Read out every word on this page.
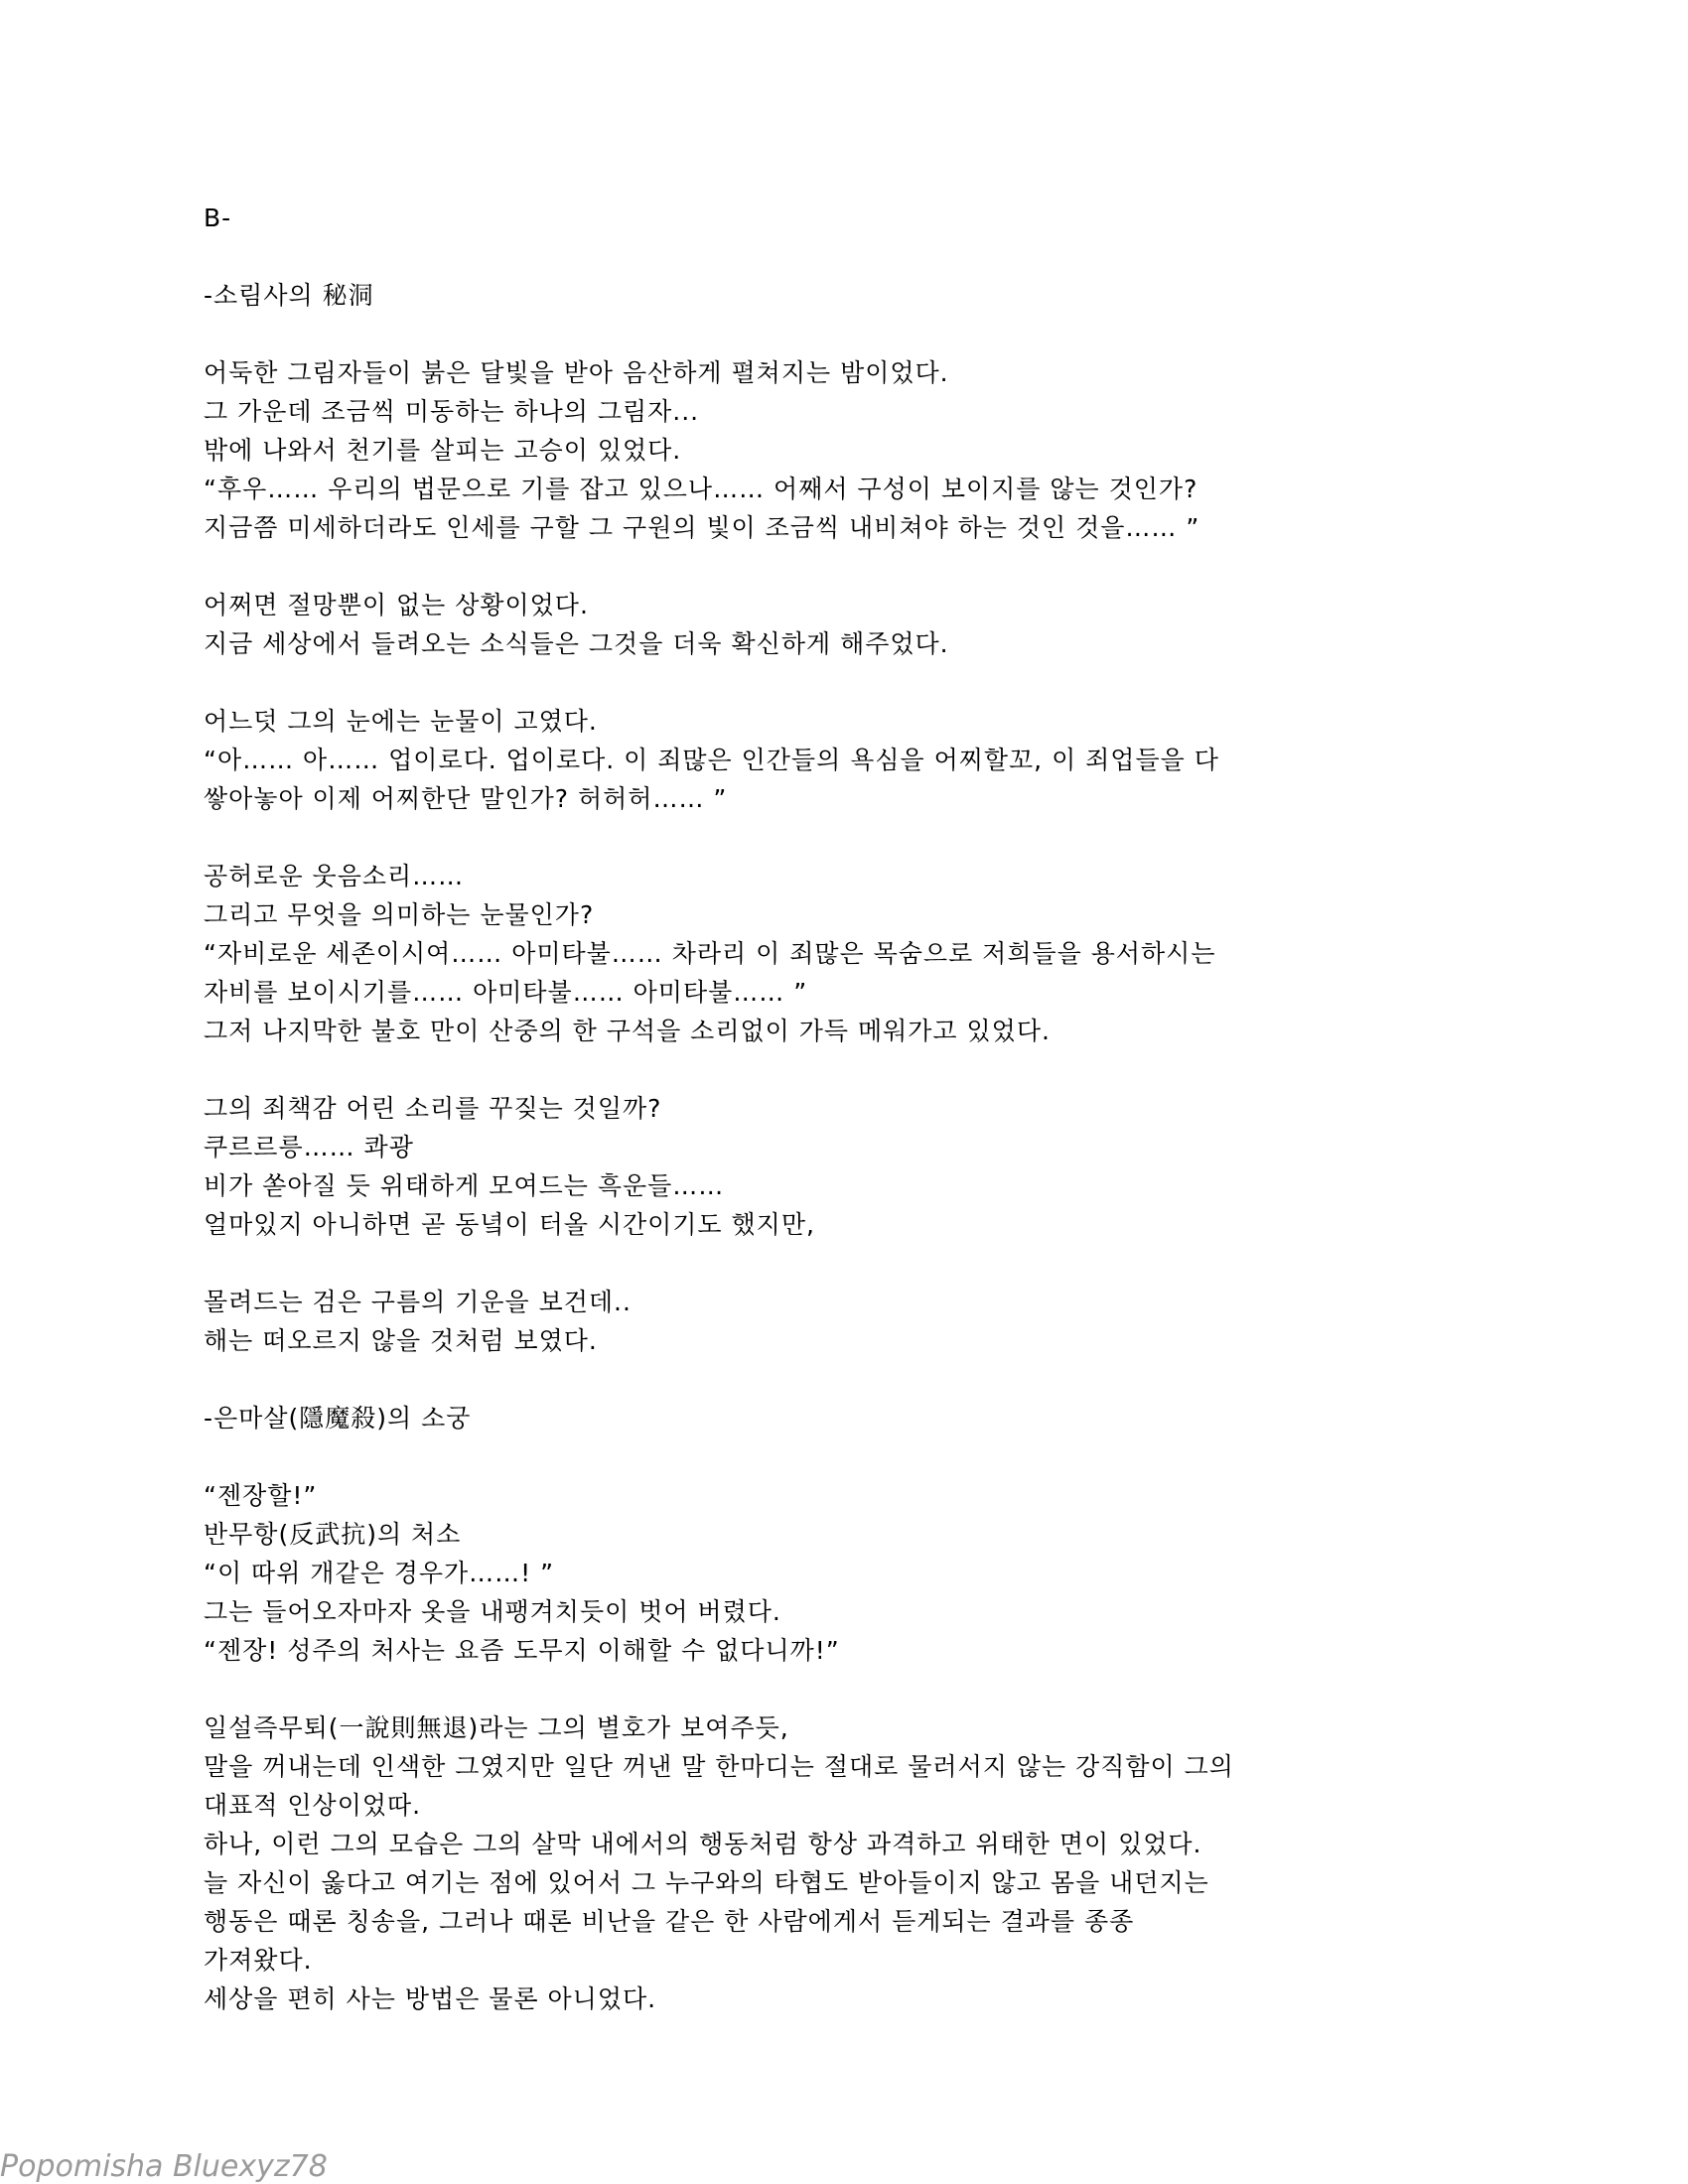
B-
-소림사의 秘洞
어둑한 그림자들이 붉은 달빛을 받아 음산하게 펼쳐지는 밤이었다.
그 가운데 조금씩 미동하는 하나의 그림자...
밖에 나와서 천기를 살피는 고승이 있었다.
“후우…… 우리의 법문으로 기를 잡고 있으나…… 어째서 구성이 보이지를 않는 것인가?
지금쯤 미세하더라도 인세를 구할 그 구원의 빛이 조금씩 내비쳐야 하는 것인 것을…… ”
어쩌면 절망뿐이 없는 상황이었다.
지금 세상에서 들려오는 소식들은 그것을 더욱 확신하게 해주었다.
어느덧 그의 눈에는 눈물이 고였다.
“아…… 아…… 업이로다. 업이로다. 이 죄많은 인간들의 욕심을 어찌할꼬, 이 죄업들을 다
쌓아놓아 이제 어찌한단 말인가? 허허허…… ”
공허로운 웃음소리……
그리고 무엇을 의미하는 눈물인가?
“자비로운 세존이시여…… 아미타불…… 차라리 이 죄많은 목숨으로 저희들을 용서하시는
자비를 보이시기를…… 아미타불…… 아미타불…… ”
그저 나지막한 불호 만이 산중의 한 구석을 소리없이 가득 메워가고 있었다.
그의 죄책감 어린 소리를 꾸짖는 것일까?
쿠르르릉…… 콰광
비가 쏟아질 듯 위태하게 모여드는 흑운들……
얼마있지 아니하면 곧 동녘이 터올 시간이기도 했지만,
몰려드는 검은 구름의 기운을 보건데..
해는 떠오르지 않을 것처럼 보였다.
-은마살(隱魔殺)의 소궁
“젠장할!”
반무항(反武抗)의 처소
“이 따위 개같은 경우가……! ”
그는 들어오자마자 옷을 내팽겨치듯이 벗어 버렸다.
“젠장! 성주의 처사는 요즘 도무지 이해할 수 없다니까!”
일설즉무퇴(一說則無退)라는 그의 별호가 보여주듯,
말을 꺼내는데 인색한 그였지만 일단 꺼낸 말 한마디는 절대로 물러서지 않는 강직함이 그의
대표적 인상이었따.
하나, 이런 그의 모습은 그의 살막 내에서의 행동처럼 항상 과격하고 위태한 면이 있었다.
늘 자신이 옳다고 여기는 점에 있어서 그 누구와의 타협도 받아들이지 않고 몸을 내던지는
행동은 때론 칭송을, 그러나 때론 비난을 같은 한 사람에게서 듣게되는 결과를 종종
가져왔다.
세상을 편히 사는 방법은 물론 아니었다.
Popomisha Bluexyz78
